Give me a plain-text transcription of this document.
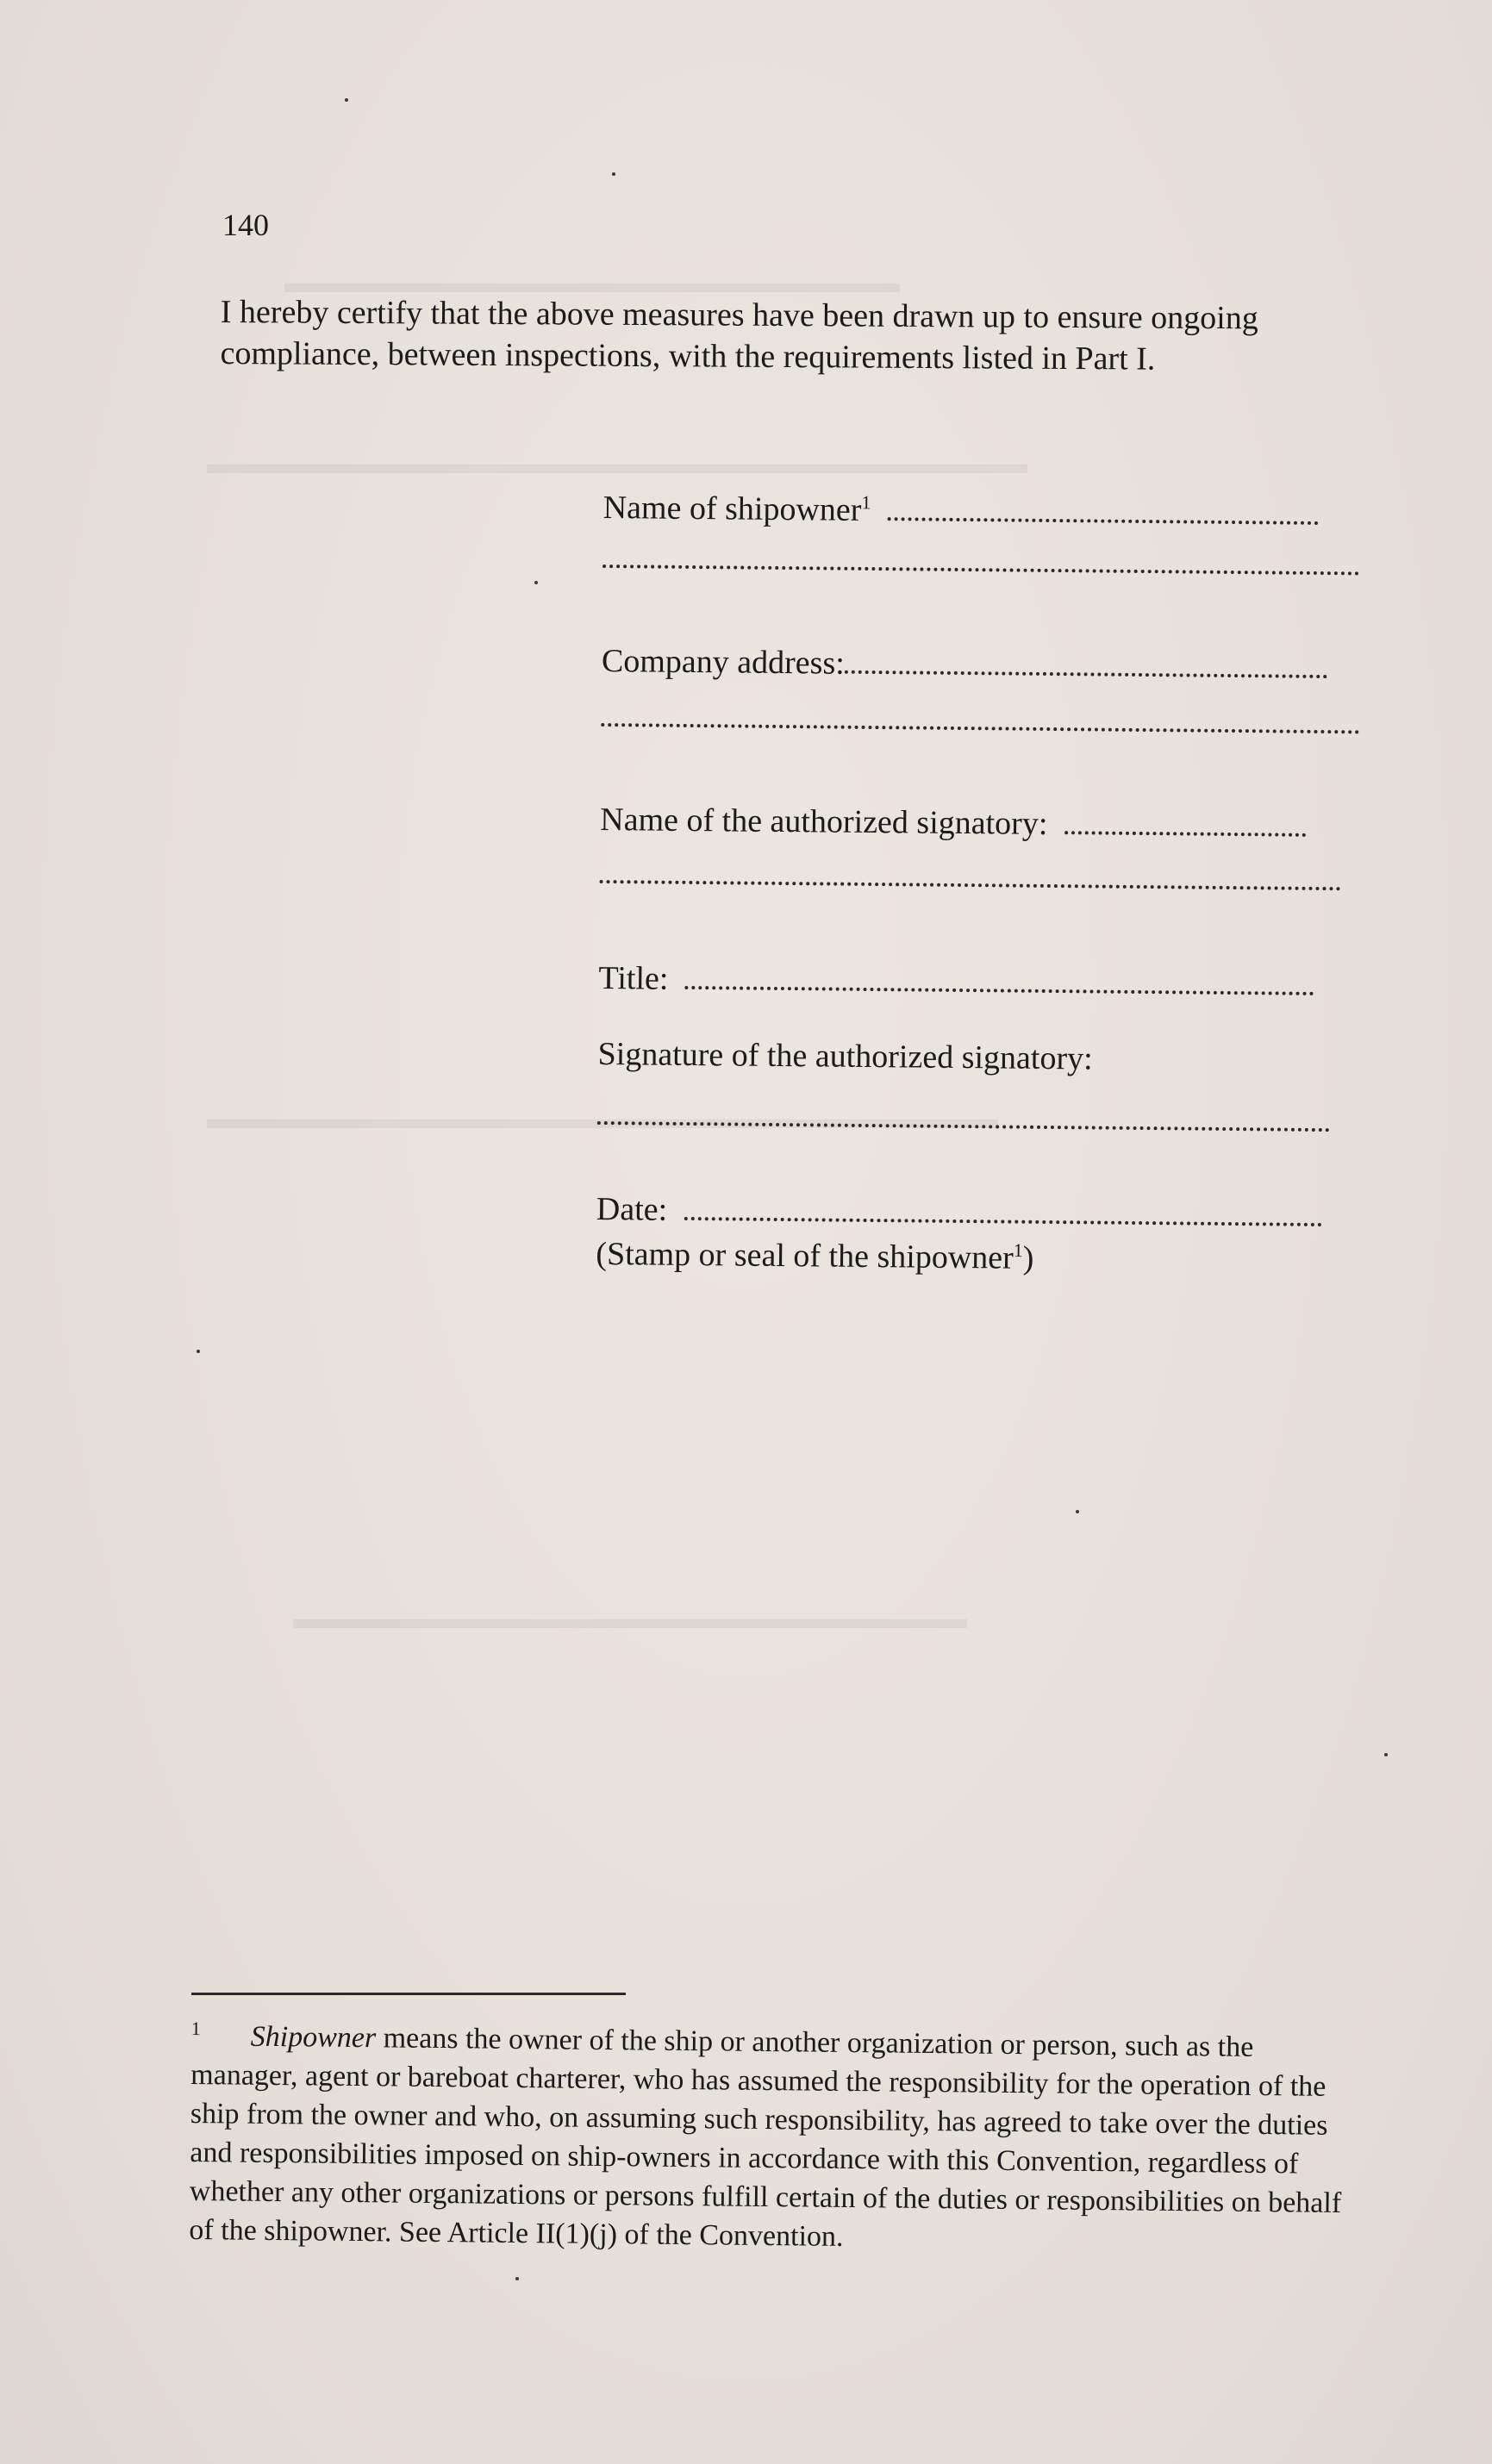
▬▬▬▬▬▬▬▬▬▬▬▬▬▬▬▬▬▬▬▬▬
▬▬▬▬▬▬▬▬▬▬▬▬▬▬▬▬▬▬▬▬▬▬▬▬▬▬▬▬
▬▬▬▬▬▬▬▬▬▬▬▬▬▬▬▬▬▬▬▬▬▬▬▬▬▬▬
▬▬▬▬▬▬▬▬▬▬▬▬▬▬▬▬▬▬▬▬▬▬▬
140
I hereby certify that the above measures have been drawn up to ensure ongoing compliance, between inspections, with the requirements listed in Part I.
Name of shipowner$^1$
Company address:
Name of the authorized signatory:
Title:
Signature of the authorized signatory:
Date:
(Stamp or seal of the shipowner$^1$)
$^1$ Shipowner means the owner of the ship or another organization or person, such as the manager, agent or bareboat charterer, who has assumed the responsibility for the operation of the ship from the owner and who, on assuming such responsibility, has agreed to take over the duties and responsibilities imposed on ship-owners in accordance with this Convention, regardless of whether any other organizations or persons fulfill certain of the duties or responsibilities on behalf of the shipowner. See Article II(1)(j) of the Convention.
